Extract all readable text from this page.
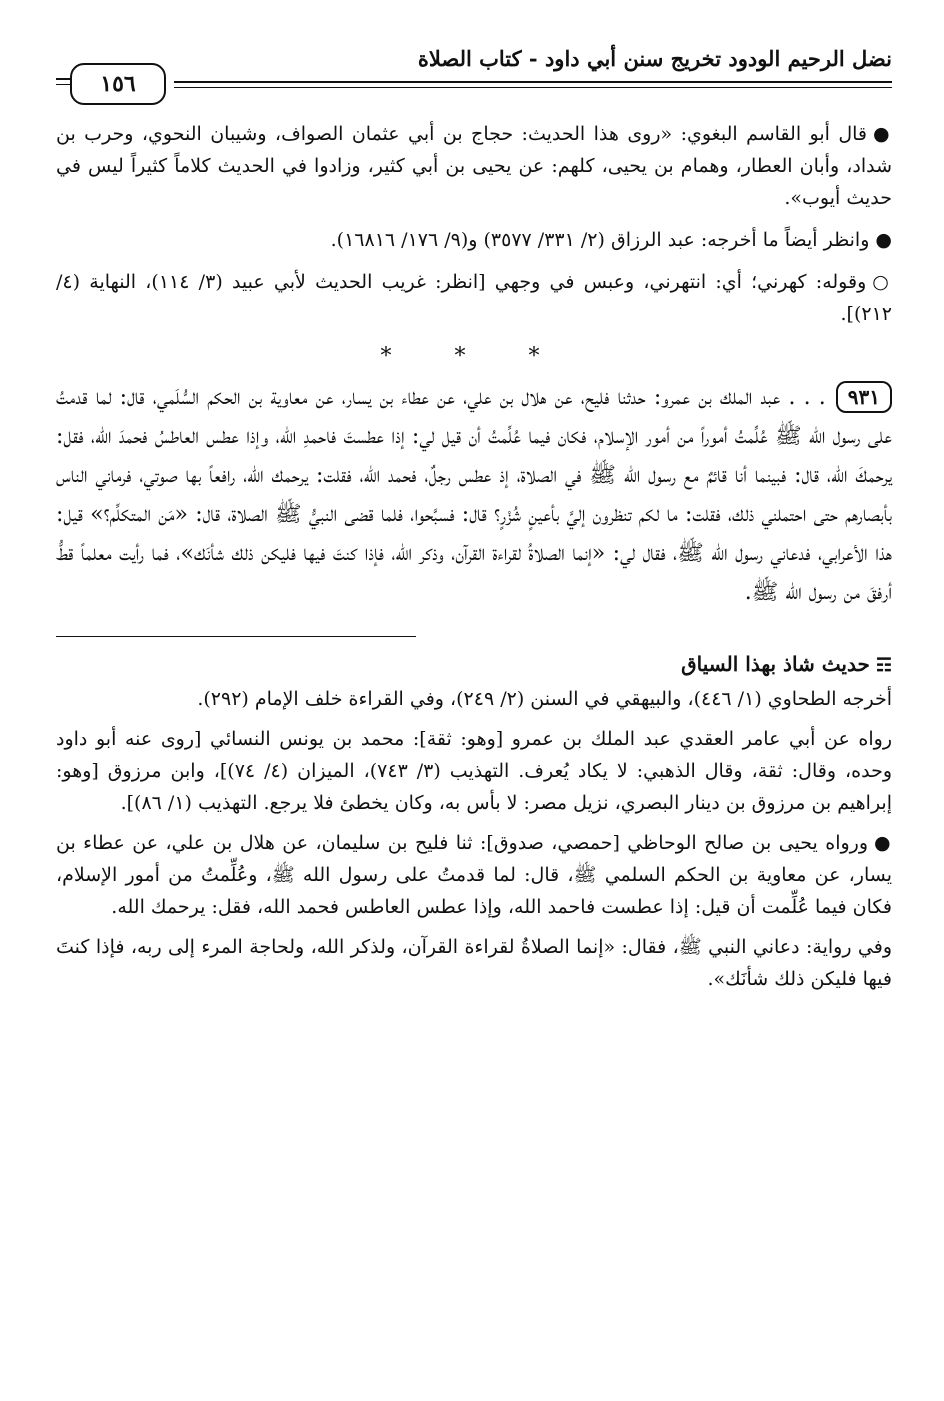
نضل الرحيم الودود تخريج سنن أبي داود - كتاب الصلاة
١٥٦

●قال أبو القاسم البغوي: «روى هذا الحديث: حجاج بن أبي عثمان الصواف، وشيبان النحوي، وحرب بن شداد، وأبان العطار، وهمام بن يحيى، كلهم: عن يحيى بن أبي كثير، وزادوا في الحديث كلاماً كثيراً ليس في حديث أيوب».

●وانظر أيضاً ما أخرجه: عبد الرزاق (٢/ ٣٣١/ ٣٥٧٧) و(٩/ ١٧٦/ ١٦٨١٦).

○وقوله: كهرني؛ أي: انتهرني، وعبس في وجهي [انظر: غريب الحديث لأبي عبيد (٣/ ١١٤)، النهاية (٤/ ٢١٢)].

* * *

٩٣١. . . عبد الملك بن عمرو: حدثنا فليح، عن هلال بن علي، عن عطاء بن يسار، عن معاوية بن الحكم السُّلَمي، قال: لما قدمتُ على رسول الله ﷺ عُلِّمتُ أموراً من أمور الإسلام، فكان فيما عُلِّمتُ أن قيل لي: إذا عطستَ فاحمدِ الله، وإذا عطس العاطسُ فحمدَ الله، فقل: يرحمكَ الله، قال: فبينما أنا قائمٌ مع رسول الله ﷺ في الصلاة، إذ عطس رجلٌ، فحمد الله، فقلت: يرحمك الله، رافعاً بها صوتي، فرماني الناس بأبصارهم حتى احتملني ذلك، فقلت: ما لكم تنظرون إليَّ بأعينٍ شُزْرٍ؟ قال: فسبَّحوا، فلما قضى النبيُّ ﷺ الصلاة، قال: «مَن المتكلِّم؟» قيل: هذا الأعرابي، فدعاني رسول الله ﷺ، فقال لي: «إنما الصلاةُ لقراءة القرآن، وذكر الله، فإذا كنتَ فيها فليكن ذلك شأنَك»، فما رأيت معلماً قطُّ أرفقَ من رسول الله ﷺ.

☶حديث شاذ بهذا السياق

أخرجه الطحاوي (١/ ٤٤٦)، والبيهقي في السنن (٢/ ٢٤٩)، وفي القراءة خلف الإمام (٢٩٢).

رواه عن أبي عامر العقدي عبد الملك بن عمرو [وهو: ثقة]: محمد بن يونس النسائي [روى عنه أبو داود وحده، وقال: ثقة، وقال الذهبي: لا يكاد يُعرف. التهذيب (٣/ ٧٤٣)، الميزان (٤/ ٧٤)]، وابن مرزوق [وهو: إبراهيم بن مرزوق بن دينار البصري، نزيل مصر: لا بأس به، وكان يخطئ فلا يرجع. التهذيب (١/ ٨٦)].

●ورواه يحيى بن صالح الوحاظي [حمصي، صدوق]: ثنا فليح بن سليمان، عن هلال بن علي، عن عطاء بن يسار، عن معاوية بن الحكم السلمي ﷺ، قال: لما قدمتُ على رسول الله ﷺ، وعُلِّمتُ من أمور الإسلام، فكان فيما عُلِّمت أن قيل: إذا عطست فاحمد الله، وإذا عطس العاطس فحمد الله، فقل: يرحمك الله.

وفي رواية: دعاني النبي ﷺ، فقال: «إنما الصلاةُ لقراءة القرآن، ولذكر الله، ولحاجة المرء إلى ربه، فإذا كنتَ فيها فليكن ذلك شأنَك».
